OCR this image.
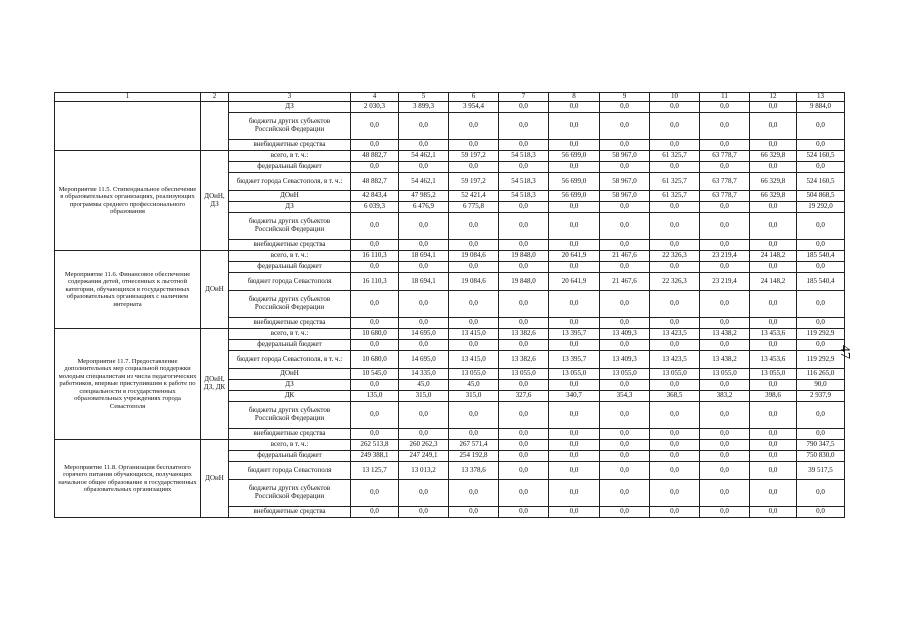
1	2	3	4	5	6	7	8	9	10	11	12	13
		ДЗ	2 030,3	3 899,3	3 954,4	0,0	0,0	0,0	0,0	0,0	0,0	9 884,0
		бюджеты других субъектов Российской Федерации	0,0	0,0	0,0	0,0	0,0	0,0	0,0	0,0	0,0	0,0
		внебюджетные средства	0,0	0,0	0,0	0,0	0,0	0,0	0,0	0,0	0,0	0,0
Мероприятие 11.5. Стипендиальное обеспечение в образовательных организациях, реализующих программы среднего профессионального образования	ДОиН, ДЗ	всего, в т. ч.:	48 882,7	54 462,1	59 197,2	54 518,3	56 699,0	58 967,0	61 325,7	63 778,7	66 329,8	524 160,5
		федеральный бюджет	0,0	0,0	0,0	0,0	0,0	0,0	0,0	0,0	0,0	0,0
		бюджет города Севастополя, в т. ч.:	48 882,7	54 462,1	59 197,2	54 518,3	56 699,0	58 967,0	61 325,7	63 778,7	66 329,8	524 160,5
		ДОиН	42 843,4	47 985,2	52 421,4	54 518,3	56 699,0	58 967,0	61 325,7	63 778,7	66 329,8	504 868,5
		ДЗ	6 039,3	6 476,9	6 775,8	0,0	0,0	0,0	0,0	0,0	0,0	19 292,0
		бюджеты других субъектов Российской Федерации	0,0	0,0	0,0	0,0	0,0	0,0	0,0	0,0	0,0	0,0
		внебюджетные средства	0,0	0,0	0,0	0,0	0,0	0,0	0,0	0,0	0,0	0,0
Мероприятие 11.6. Финансовое обеспечение содержания детей, отнесенных к льготной категории, обучающихся в государственных образовательных организациях с наличием интерната	ДОиН	всего, в т. ч.:	16 110,3	18 694,1	19 084,6	19 848,0	20 641,9	21 467,6	22 326,3	23 219,4	24 148,2	185 540,4
		федеральный бюджет	0,0	0,0	0,0	0,0	0,0	0,0	0,0	0,0	0,0	0,0
		бюджет города Севастополя	16 110,3	18 694,1	19 084,6	19 848,0	20 641,9	21 467,6	22 326,3	23 219,4	24 148,2	185 540,4
		бюджеты других субъектов Российской Федерации	0,0	0,0	0,0	0,0	0,0	0,0	0,0	0,0	0,0	0,0
		внебюджетные средства	0,0	0,0	0,0	0,0	0,0	0,0	0,0	0,0	0,0	0,0
Мероприятие 11.7. Предоставление дополнительных мер социальной поддержки молодым специалистам из числа педагогических работников, впервые приступившим к работе по специальности в государственных образовательных учреждениях города Севастополя	ДОиН, ДЗ, ДК	всего, в т. ч.:	10 680,0	14 695,0	13 415,0	13 382,6	13 395,7	13 409,3	13 423,5	13 438,2	13 453,6	119 292,9
		федеральный бюджет	0,0	0,0	0,0	0,0	0,0	0,0	0,0	0,0	0,0	0,0
		бюджет города Севастополя, в т. ч.:	10 680,0	14 695,0	13 415,0	13 382,6	13 395,7	13 409,3	13 423,5	13 438,2	13 453,6	119 292,9
		ДОиН	10 545,0	14 335,0	13 055,0	13 055,0	13 055,0	13 055,0	13 055,0	13 055,0	13 055,0	116 265,0
		ДЗ	0,0	45,0	45,0	0,0	0,0	0,0	0,0	0,0	0,0	90,0
		ДК	135,0	315,0	315,0	327,6	340,7	354,3	368,5	383,2	398,6	2 937,9
		бюджеты других субъектов Российской Федерации	0,0	0,0	0,0	0,0	0,0	0,0	0,0	0,0	0,0	0,0
		внебюджетные средства	0,0	0,0	0,0	0,0	0,0	0,0	0,0	0,0	0,0	0,0
Мероприятие 11.8. Организация бесплатного горячего питания обучающихся, получающих начальное общее образование в государственных образовательных организациях	ДОиН	всего, в т. ч.:	262 513,8	260 262,3	267 571,4	0,0	0,0	0,0	0,0	0,0	0,0	790 347,5
		федеральный бюджет	249 388,1	247 249,1	254 192,8	0,0	0,0	0,0	0,0	0,0	0,0	750 830,0
		бюджет города Севастополя	13 125,7	13 013,2	13 378,6	0,0	0,0	0,0	0,0	0,0	0,0	39 517,5
		бюджеты других субъектов Российской Федерации	0,0	0,0	0,0	0,0	0,0	0,0	0,0	0,0	0,0	0,0
		внебюджетные средства	0,0	0,0	0,0	0,0	0,0	0,0	0,0	0,0	0,0	0,0
47
